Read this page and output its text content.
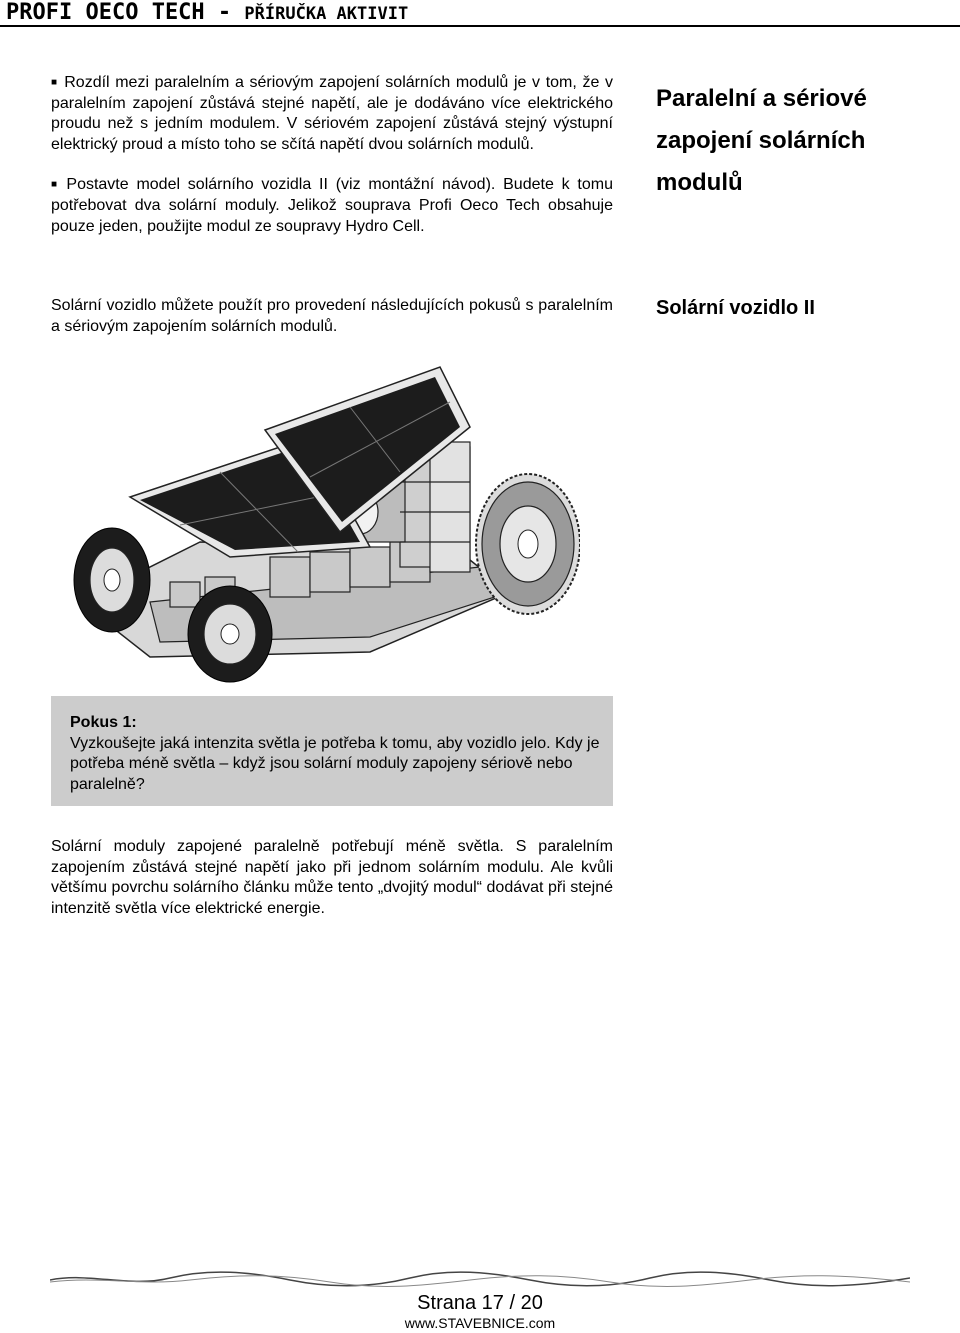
PROFI OECO TECH - PŘÍRUČKA AKTIVIT

■ Rozdíl mezi paralelním a sériovým zapojení solárních modulů je v tom, že v paralelním zapojení zůstává stejné napětí, ale je dodáváno více elektrického proudu než s jedním modulem. V sériovém zapojení zůstává stejný výstupní elektrický proud a místo toho se sčítá napětí dvou solárních modulů.

■ Postavte model solárního vozidla II (viz montážní návod). Budete k tomu potřebovat dva solární moduly. Jelikož souprava Profi Oeco Tech obsahuje pouze jeden, použijte modul ze soupravy Hydro Cell.

Paralelní a sériové zapojení solárních modulů
Solární vozidlo můžete použít pro provedení následujících pokusů s paralelním a sériovým zapojením solárních modulů.
Solární vozidlo II
Pokus 1:
Vyzkoušejte jaká intenzita světla je potřeba k tomu, aby vozidlo jelo. Kdy je potřeba méně světla – když jsou solární moduly zapojeny sériově nebo paralelně?
Solární moduly zapojené paralelně potřebují méně světla. S paralelním zapojením zůstává stejné napětí jako při jednom solárním modulu. Ale kvůli většímu povrchu solárního článku může tento „dvojitý modul“ dodávat při stejné intenzitě světla více elektrické energie.
Strana 17 / 20
www.STAVEBNICE.com
